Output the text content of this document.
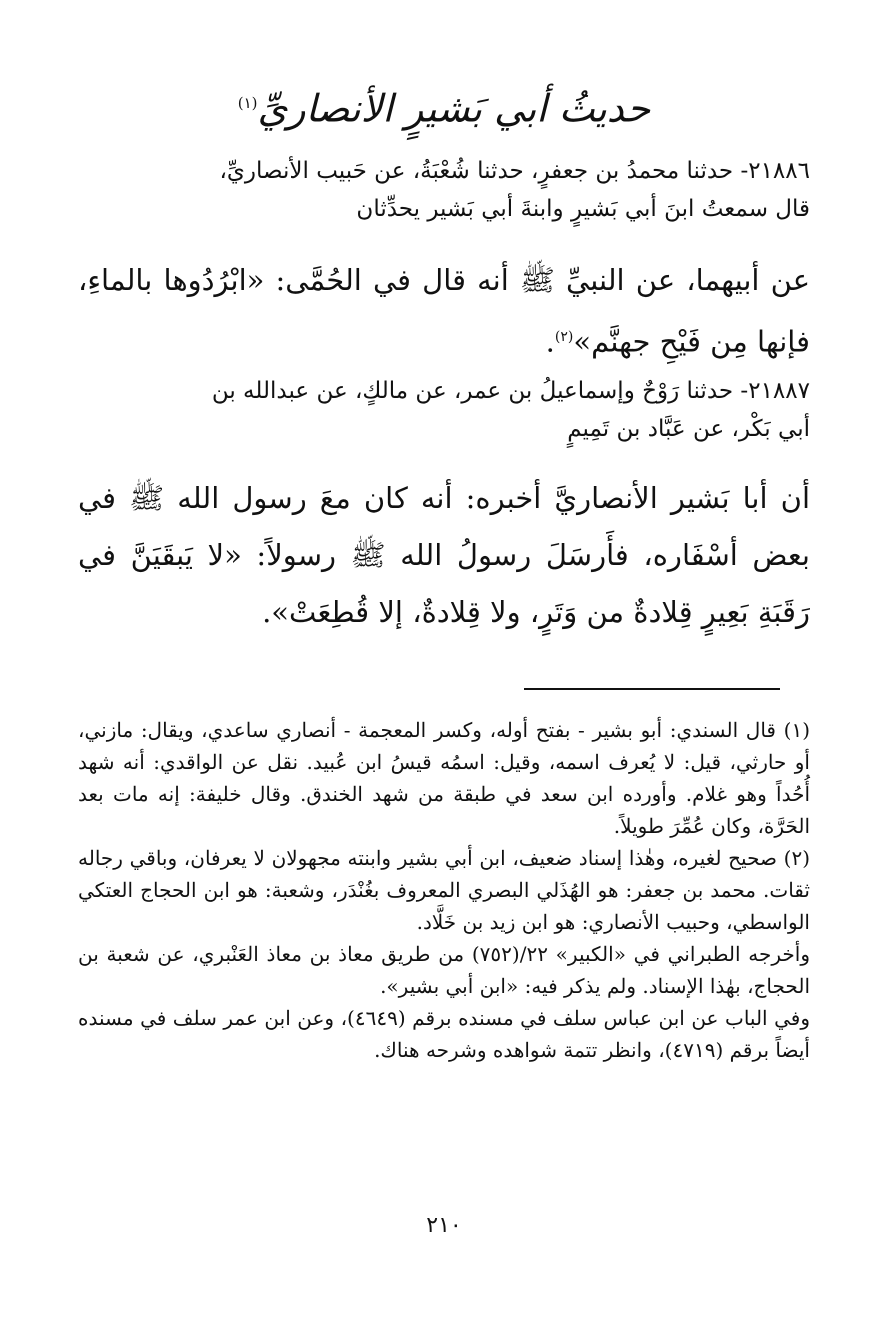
حديثُ أبي بَشيرٍ الأنصاريِّ$^{(١)}$
٢١٨٨٦- حدثنا محمدُ بن جعفرٍ، حدثنا شُعْبَةُ، عن حَبيب الأنصاريِّ،
قال سمعتُ ابنَ أبي بَشيرٍ وابنةَ أبي بَشير يحدِّثان
عن أبيهما، عن النبيِّ ﷺ أنه قال في الحُمَّى: «ابْرُدُوها بالماءِ، فإنها مِن فَيْحِ جهنَّم»$^{(٢)}$.
٢١٨٨٧- حدثنا رَوْحٌ وإسماعيلُ بن عمر، عن مالكٍ، عن عبدالله بن
أبي بَكْر، عن عَبَّاد بن تَمِيمٍ
أن أبا بَشير الأنصاريَّ أخبره: أنه كان معَ رسول الله ﷺ في بعض أسْفَاره، فأَرسَلَ رسولُ الله ﷺ رسولاً: «لا يَبقَيَنَّ في رَقَبَةِ بَعِيرٍ قِلادةٌ من وَتَرٍ، ولا قِلادةٌ، إلا قُطِعَتْ».
(١) قال السندي: أبو بشير - بفتح أوله، وكسر المعجمة - أنصاري ساعدي، ويقال: مازني، أو حارثي، قيل: لا يُعرف اسمه، وقيل: اسمُه قيسُ ابن عُبيد. نقل عن الواقدي: أنه شهد أُحُداً وهو غلام. وأورده ابن سعد في طبقة من شهد الخندق. وقال خليفة: إنه مات بعد الحَرَّة، وكان عُمِّرَ طويلاً.
(٢) صحيح لغيره، وهٰذا إسناد ضعيف، ابن أبي بشير وابنته مجهولان لا يعرفان، وباقي رجاله ثقات. محمد بن جعفر: هو الهُذَلي البصري المعروف بغُنْدَر، وشعبة: هو ابن الحجاج العتكي الواسطي، وحبيب الأنصاري: هو ابن زيد بن خَلَّاد.
وأخرجه الطبراني في «الكبير» ٢٢/(٧٥٢) من طريق معاذ بن معاذ العَنْبري، عن شعبة بن الحجاج، بهٰذا الإسناد. ولم يذكر فيه: «ابن أبي بشير».
وفي الباب عن ابن عباس سلف في مسنده برقم (٤٦٤٩)، وعن ابن عمر سلف في مسنده أيضاً برقم (٤٧١٩)، وانظر تتمة شواهده وشرحه هناك.
٢١٠
